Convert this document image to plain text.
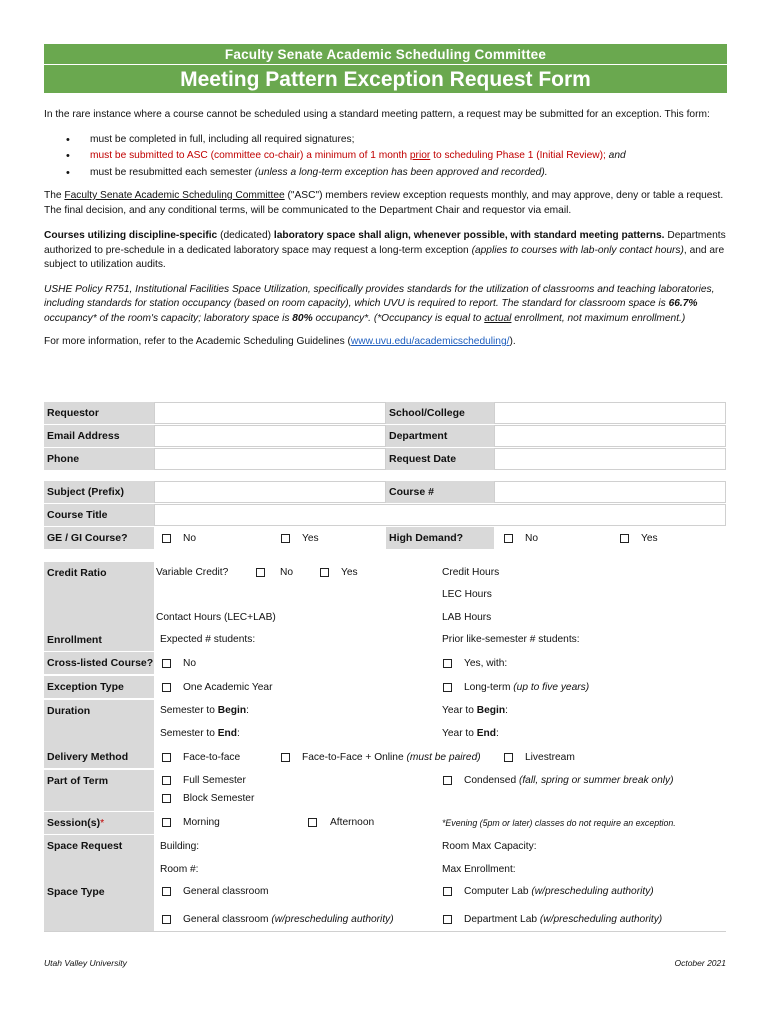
Faculty Senate Academic Scheduling Committee
Meeting Pattern Exception Request Form

In the rare instance where a course cannot be scheduled using a standard meeting pattern, a request may be submitted for an exception. This form:

• must be completed in full, including all required signatures;
• must be submitted to ASC (committee co-chair) a minimum of 1 month prior to scheduling Phase 1 (Initial Review); and
• must be resubmitted each semester (unless a long-term exception has been approved and recorded).

The Faculty Senate Academic Scheduling Committee ("ASC") members review exception requests monthly, and may approve, deny or table a request. The final decision, and any conditional terms, will be communicated to the Department Chair and requestor via email.

Courses utilizing discipline-specific (dedicated) laboratory space shall align, whenever possible, with standard meeting patterns. Departments authorized to pre-schedule in a dedicated laboratory space may request a long-term exception (applies to courses with lab-only contact hours), and are subject to utilization audits.

USHE Policy R751, Institutional Facilities Space Utilization, specifically provides standards for the utilization of classrooms and teaching laboratories, including standards for station occupancy (based on room capacity), which UVU is required to report. The standard for classroom space is 66.7% occupancy* of the room's capacity; laboratory space is 80% occupancy*. (*Occupancy is equal to actual enrollment, not maximum enrollment.)

For more information, refer to the Academic Scheduling Guidelines (www.uvu.edu/academicscheduling/).

Requestor	School/College
Email Address	Department
Phone	Request Date
Subject (Prefix)	Course #
Course Title
GE / GI Course?	No	Yes	High Demand?	No	Yes
Credit Ratio	Variable Credit?	No	Yes	Credit Hours
LEC Hours
Contact Hours (LEC+LAB)	LAB Hours
Enrollment	Expected # students:	Prior like-semester # students:
Cross-listed Course?	No	Yes, with:
Exception Type	One Academic Year	Long-term (up to five years)
Duration	Semester to Begin:	Year to Begin:
Semester to End:	Year to End:
Delivery Method	Face-to-face	Face-to-Face + Online (must be paired)	Livestream
Part of Term	Full Semester	Condensed (fall, spring or summer break only)
Block Semester
Session(s)*	Morning	Afternoon	*Evening (5pm or later) classes do not require an exception.
Space Request	Building:	Room Max Capacity:
Room #:	Max Enrollment:
Space Type	General classroom	Computer Lab (w/prescheduling authority)
General classroom (w/prescheduling authority)	Department Lab (w/prescheduling authority)
Utah Valley University	October 2021
